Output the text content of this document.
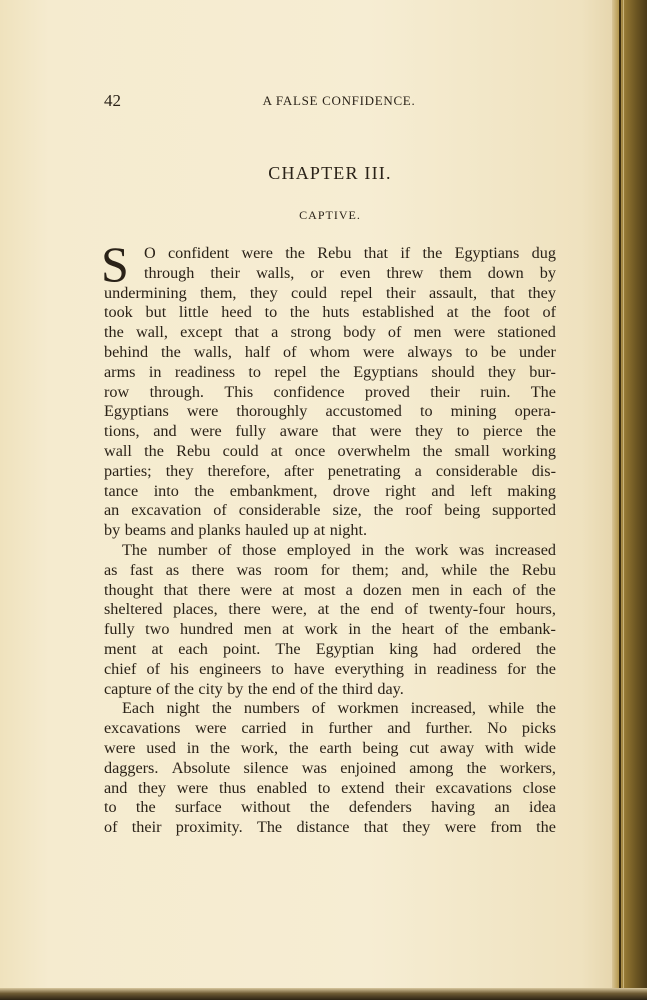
42	A FALSE CONFIDENCE.
CHAPTER III.
CAPTIVE.
S O confident were the Rebu that if the Egyptians dug
through their walls, or even threw them down by
undermining them, they could repel their assault, that they
took but little heed to the huts established at the foot of
the wall, except that a strong body of men were stationed
behind the walls, half of whom were always to be under
arms in readiness to repel the Egyptians should they bur-
row through. This confidence proved their ruin. The
Egyptians were thoroughly accustomed to mining opera-
tions, and were fully aware that were they to pierce the
wall the Rebu could at once overwhelm the small working
parties; they therefore, after penetrating a considerable dis-
tance into the embankment, drove right and left making
an excavation of considerable size, the roof being supported
by beams and planks hauled up at night.
The number of those employed in the work was increased
as fast as there was room for them; and, while the Rebu
thought that there were at most a dozen men in each of the
sheltered places, there were, at the end of twenty-four hours,
fully two hundred men at work in the heart of the embank-
ment at each point. The Egyptian king had ordered the
chief of his engineers to have everything in readiness for the
capture of the city by the end of the third day.
Each night the numbers of workmen increased, while the
excavations were carried in further and further. No picks
were used in the work, the earth being cut away with wide
daggers. Absolute silence was enjoined among the workers,
and they were thus enabled to extend their excavations close
to the surface without the defenders having an idea
of their proximity. The distance that they were from the
